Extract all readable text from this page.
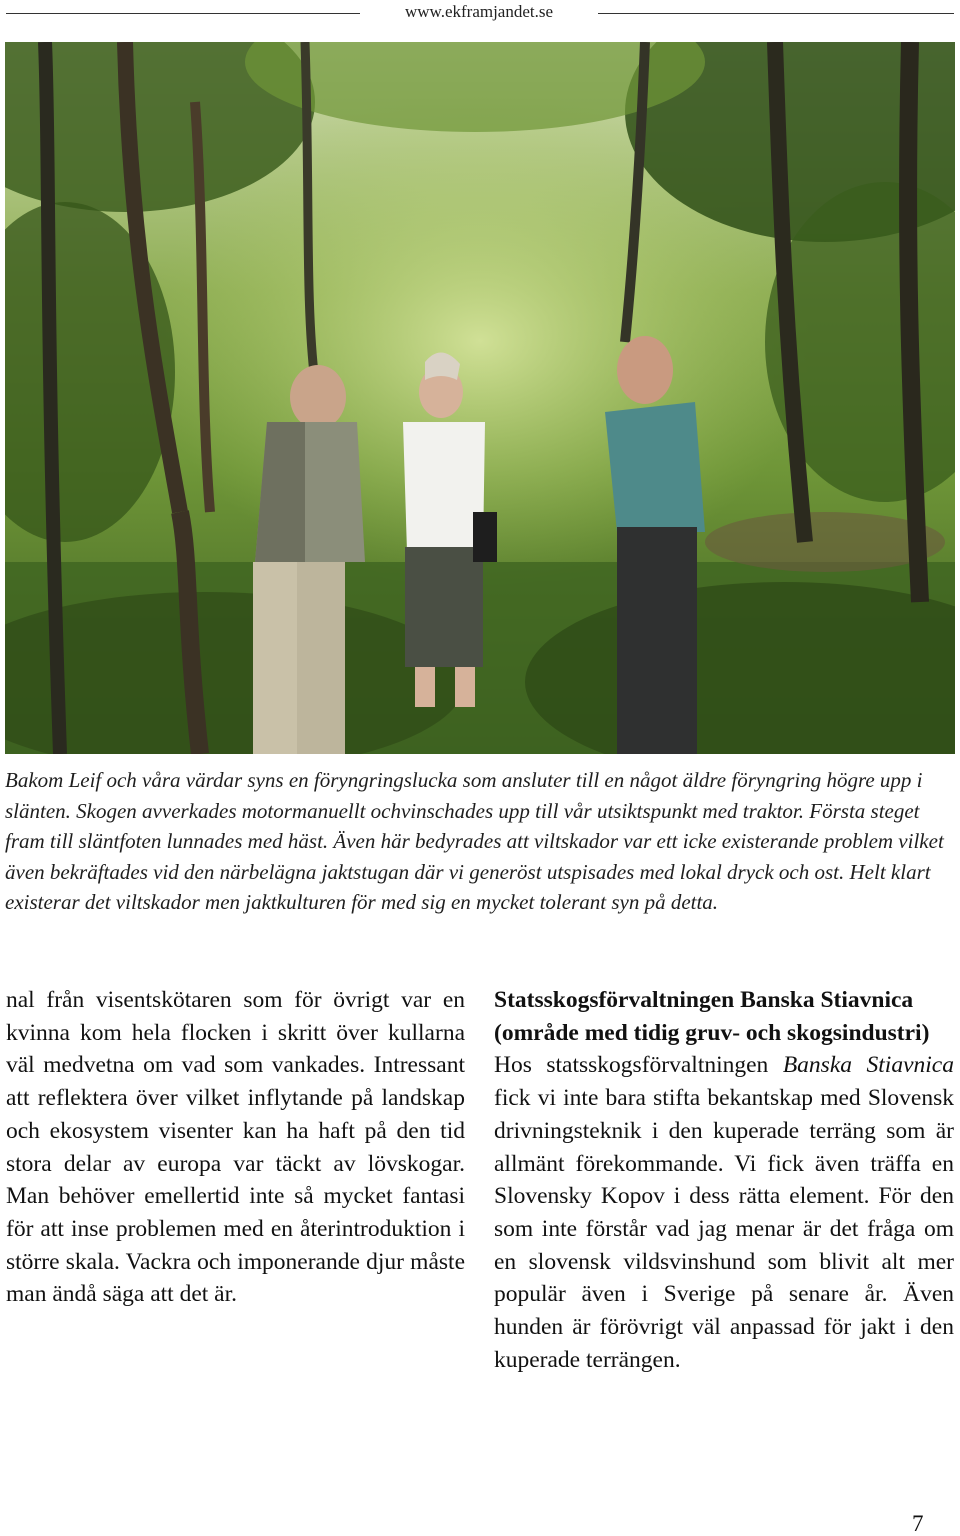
www.ekframjandet.se
Bakom Leif och våra värdar syns en föryngringslucka som ansluter till en något äldre föryngring högre upp i slänten. Skogen avverkades motormanuellt ochvinschades upp till vår utsiktspunkt med traktor. Första steget fram till släntfoten lunnades med häst. Även här bedyrades att viltskador var ett icke existerande problem vilket även bekräftades vid den närbelägna jaktstugan där vi generöst utspisades med lokal dryck och ost. Helt klart existerar det viltskador men jaktkulturen för med sig en mycket tolerant syn på detta.

nal från visentskötaren som för övrigt var en kvinna kom hela flocken i skritt över kullarna väl medvetna om vad som vankades. Intressant att reflektera över vilket inflytande på landskap och ekosystem visenter kan ha haft på den tid stora delar av europa var täckt av lövskogar. Man behöver emellertid inte så mycket fantasi för att inse problemen med en återintroduktion i större skala. Vackra och imponerande djur måste man ändå säga att det är.

Statsskogsförvaltningen Banska Stiavnica (område med tidig gruv- och skogsindustri)

Hos statsskogsförvaltningen Banska Stiavnica fick vi inte bara stifta bekantskap med Slovensk drivningsteknik i den kuperade terräng som är allmänt förekommande. Vi fick även träffa en Slovensky Kopov i dess rätta element. För den som inte förstår vad jag menar är det fråga om en slovensk vildsvinshund som blivit alt mer populär även i Sverige på senare år. Även hunden är förövrigt väl anpassad för jakt i den kuperade terrängen.

7
